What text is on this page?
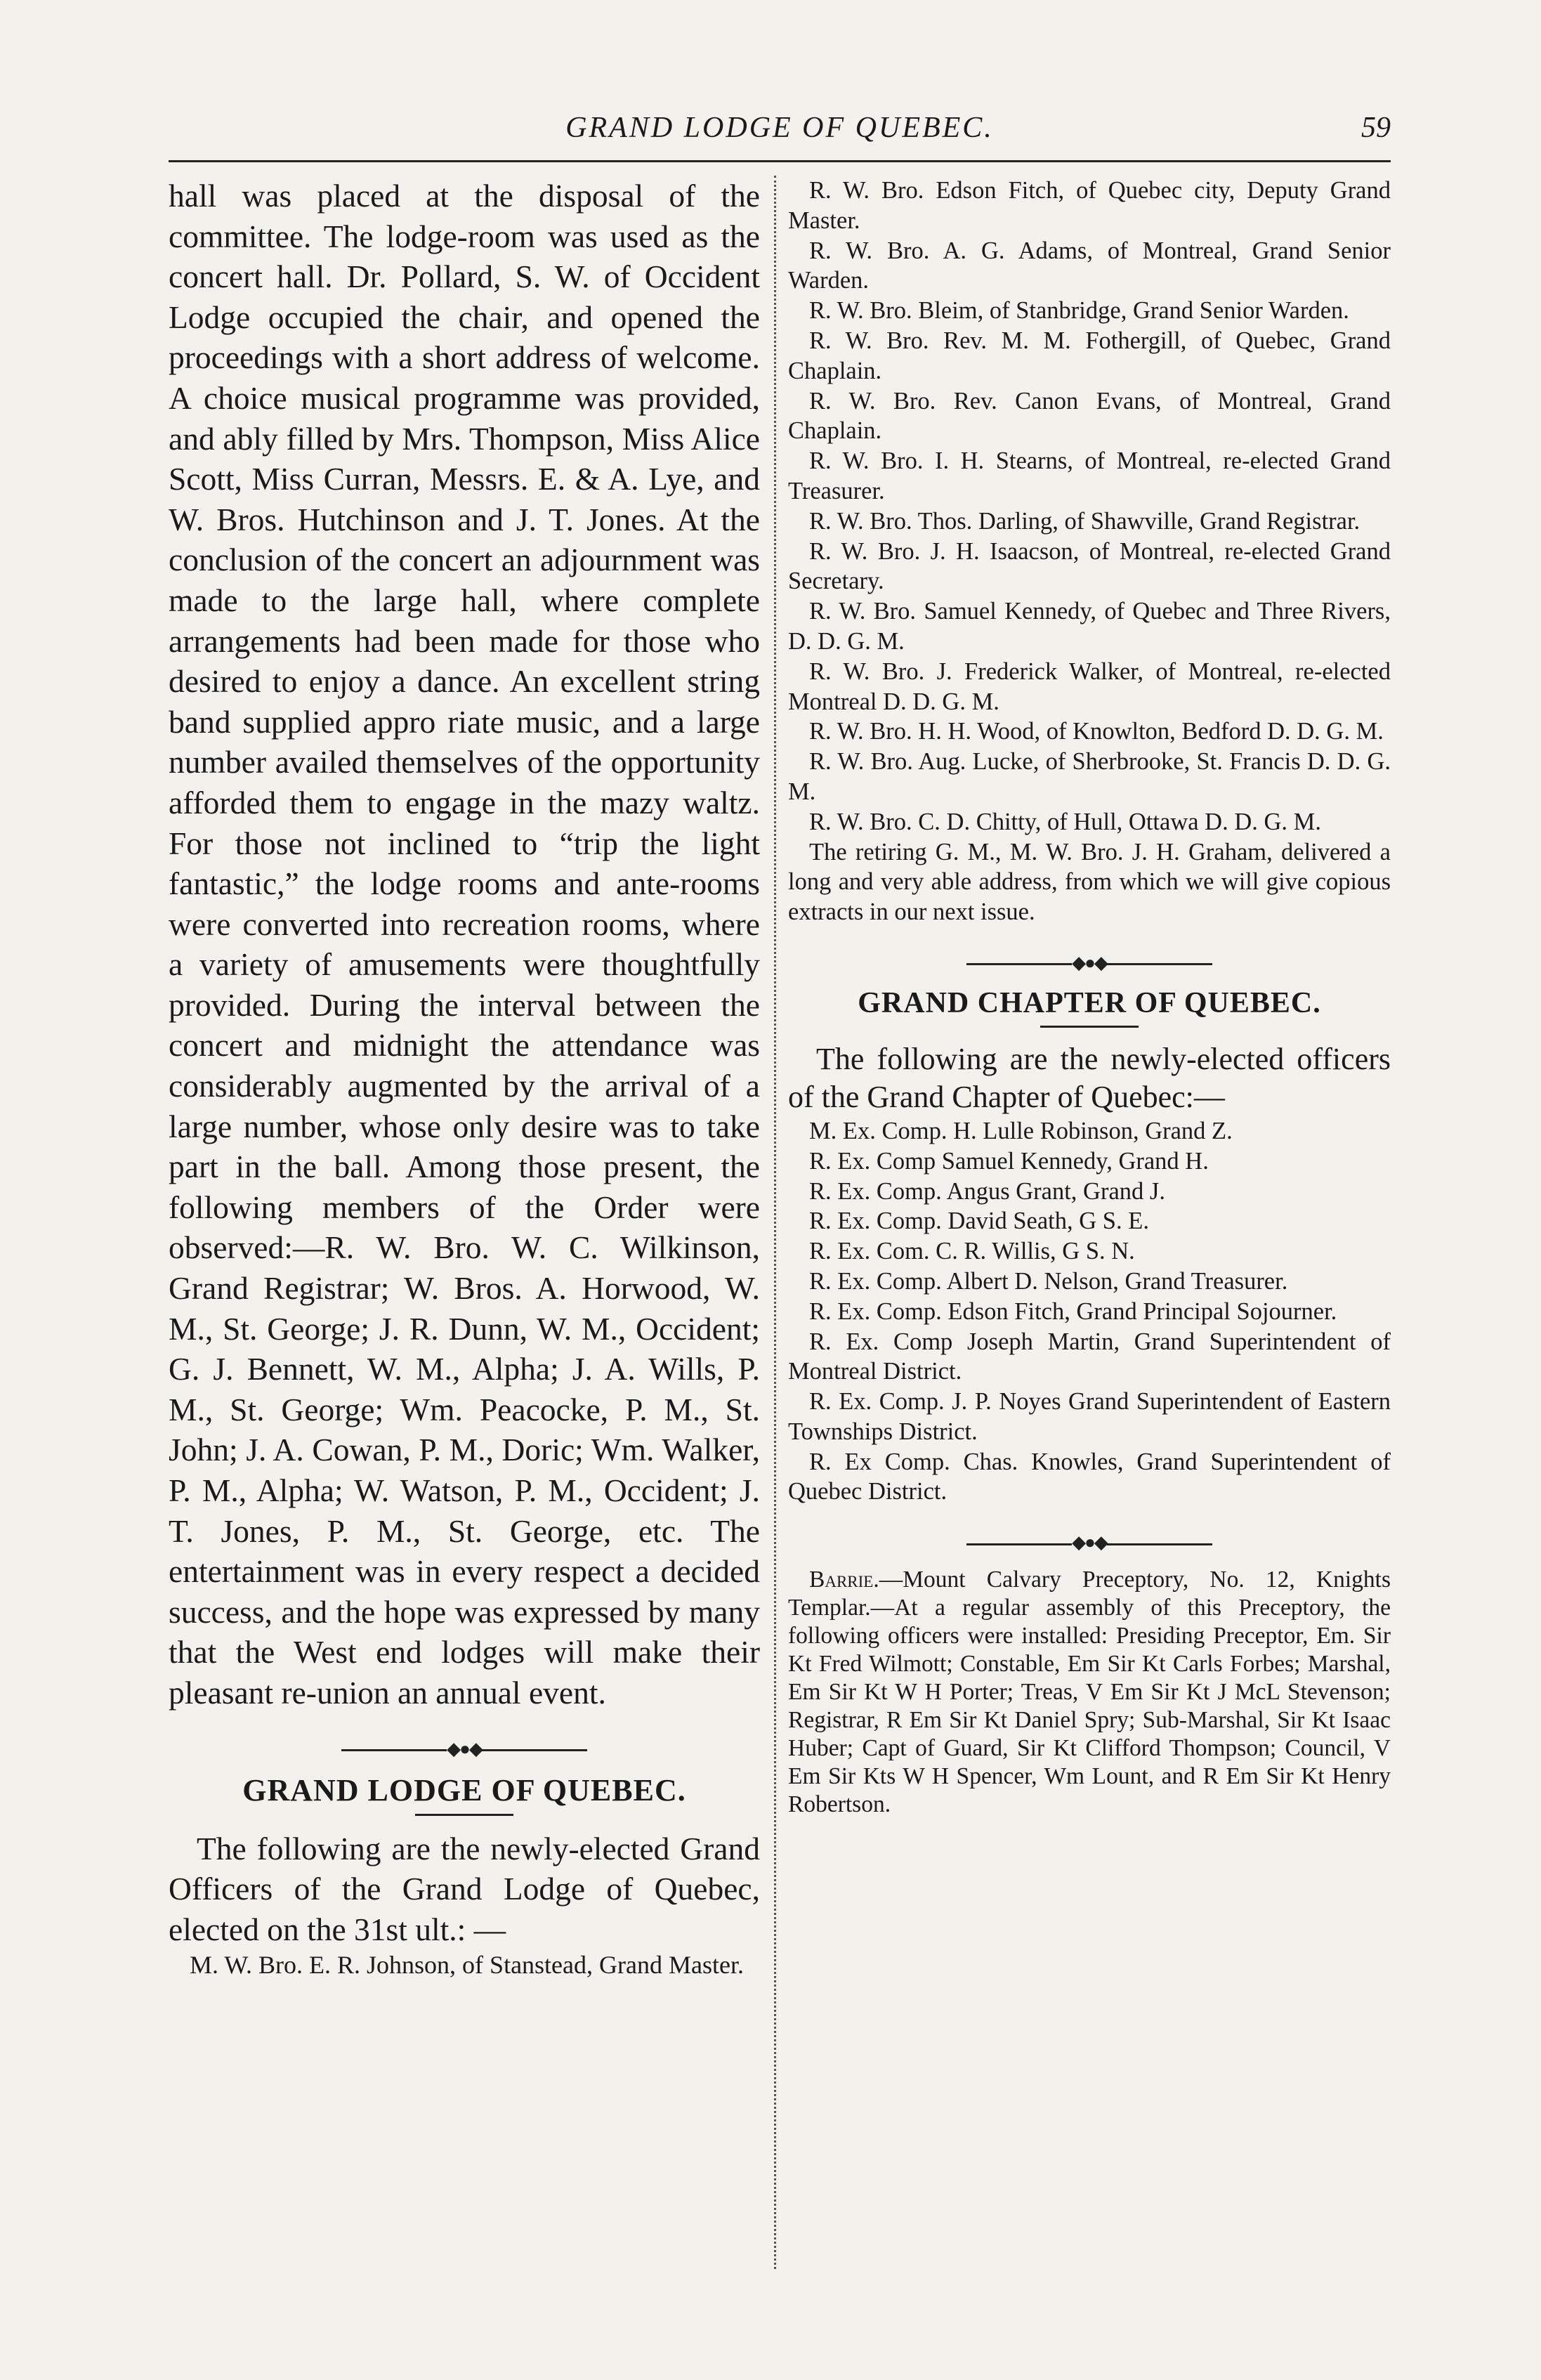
GRAND LODGE OF QUEBEC.	59

hall was placed at the disposal of the committee. The lodge-room was used as the concert hall. Dr. Pollard, S. W. of Occident Lodge occupied the chair, and opened the proceedings with a short address of welcome. A choice musical programme was provided, and ably filled by Mrs. Thompson, Miss Alice Scott, Miss Curran, Messrs. E. & A. Lye, and W. Bros. Hutchinson and J. T. Jones. At the conclusion of the concert an adjournment was made to the large hall, where complete arrangements had been made for those who desired to enjoy a dance. An excellent string band supplied appro riate music, and a large number availed themselves of the opportunity afforded them to engage in the mazy waltz. For those not inclined to “trip the light fantastic,” the lodge rooms and ante-rooms were converted into recreation rooms, where a variety of amusements were thoughtfully provided. During the interval between the concert and midnight the attendance was considerably augmented by the arrival of a large number, whose only desire was to take part in the ball. Among those present, the following members of the Order were observed:—R. W. Bro. W. C. Wilkinson, Grand Registrar; W. Bros. A. Horwood, W. M., St. George; J. R. Dunn, W. M., Occident; G. J. Bennett, W. M., Alpha; J. A. Wills, P. M., St. George; Wm. Peacocke, P. M., St. John; J. A. Cowan, P. M., Doric; Wm. Walker, P. M., Alpha; W. Watson, P. M., Occident; J. T. Jones, P. M., St. George, etc. The entertainment was in every respect a decided success, and the hope was expressed by many that the West end lodges will make their pleasant re-union an annual event.

◆●◆
GRAND LODGE OF QUEBEC.

The following are the newly-elected Grand Officers of the Grand Lodge of Quebec, elected on the 31st ult.: —

M. W. Bro. E. R. Johnson, of Stanstead, Grand Master.

R. W. Bro. Edson Fitch, of Quebec city, Deputy Grand Master.

R. W. Bro. A. G. Adams, of Montreal, Grand Senior Warden.

R. W. Bro. Bleim, of Stanbridge, Grand Senior Warden.

R. W. Bro. Rev. M. M. Fothergill, of Quebec, Grand Chaplain.

R. W. Bro. Rev. Canon Evans, of Montreal, Grand Chaplain.

R. W. Bro. I. H. Stearns, of Montreal, re-elected Grand Treasurer.

R. W. Bro. Thos. Darling, of Shawville, Grand Registrar.

R. W. Bro. J. H. Isaacson, of Montreal, re-elected Grand Secretary.

R. W. Bro. Samuel Kennedy, of Quebec and Three Rivers, D. D. G. M.

R. W. Bro. J. Frederick Walker, of Montreal, re-elected Montreal D. D. G. M.

R. W. Bro. H. H. Wood, of Knowlton, Bedford D. D. G. M.

R. W. Bro. Aug. Lucke, of Sherbrooke, St. Francis D. D. G. M.

R. W. Bro. C. D. Chitty, of Hull, Ottawa D. D. G. M.

The retiring G. M., M. W. Bro. J. H. Graham, delivered a long and very able address, from which we will give copious extracts in our next issue.

◆●◆
GRAND CHAPTER OF QUEBEC.

The following are the newly-elected officers of the Grand Chapter of Quebec:—

M. Ex. Comp. H. Lulle Robinson, Grand Z.

R. Ex. Comp Samuel Kennedy, Grand H.

R. Ex. Comp. Angus Grant, Grand J.

R. Ex. Comp. David Seath, G S. E.

R. Ex. Com. C. R. Willis, G S. N.

R. Ex. Comp. Albert D. Nelson, Grand Treasurer.

R. Ex. Comp. Edson Fitch, Grand Principal Sojourner.

R. Ex. Comp Joseph Martin, Grand Superintendent of Montreal District.

R. Ex. Comp. J. P. Noyes Grand Superintendent of Eastern Townships District.

R. Ex Comp. Chas. Knowles, Grand Superintendent of Quebec District.

◆●◆

Barrie.—Mount Calvary Preceptory, No. 12, Knights Templar.—At a regular assembly of this Preceptory, the following officers were installed: Presiding Preceptor, Em. Sir Kt Fred Wilmott; Constable, Em Sir Kt Carls Forbes; Marshal, Em Sir Kt W H Porter; Treas, V Em Sir Kt J McL Stevenson; Registrar, R Em Sir Kt Daniel Spry; Sub-Marshal, Sir Kt Isaac Huber; Capt of Guard, Sir Kt Clifford Thompson; Council, V Em Sir Kts W H Spencer, Wm Lount, and R Em Sir Kt Henry Robertson.
